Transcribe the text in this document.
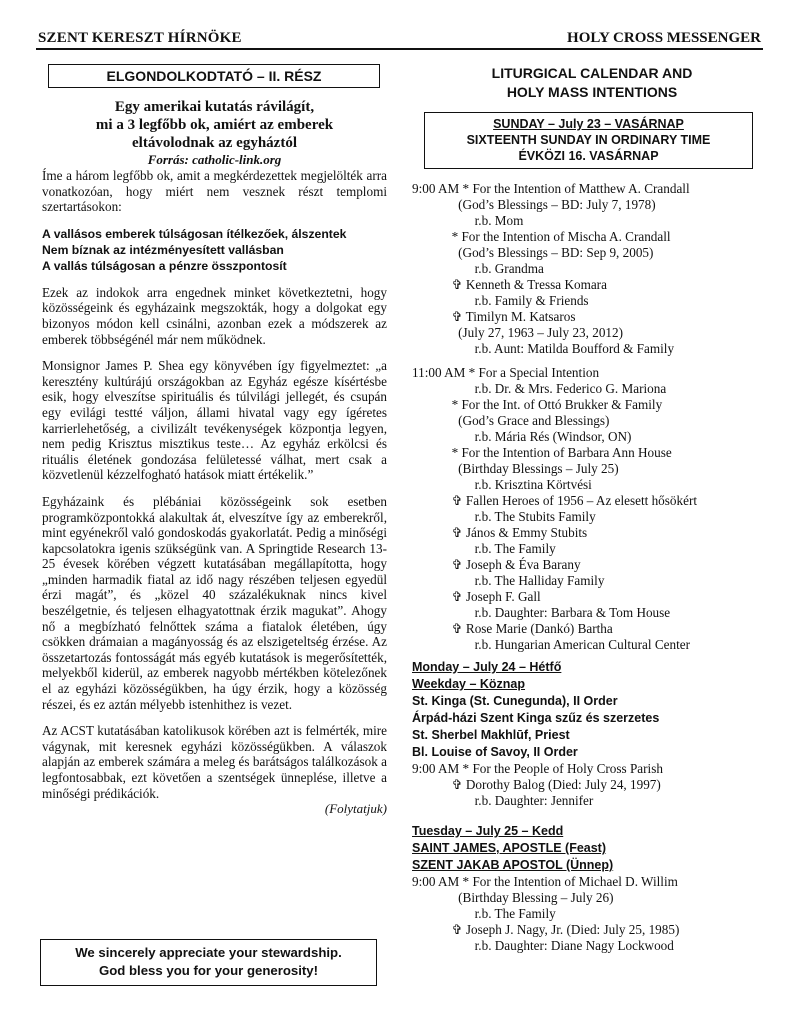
SZENT KERESZT HÍRNÖKE	HOLY CROSS MESSENGER
ELGONDOLKODTATÓ – II. RÉSZ
Egy amerikai kutatás rávilágít,
mi a 3 legfőbb ok, amiért az emberek
eltávolodnak az egyháztól
Forrás: catholic-link.org

Íme a három legfőbb ok, amit a megkérdezettek megjelölték arra vonatkozóan, hogy miért nem vesznek részt templomi szertartásokon:

A vallásos emberek túlságosan ítélkezőek, álszentek
Nem bíznak az intézményesített vallásban
A vallás túlságosan a pénzre összpontosít

Ezek az indokok arra engednek minket következtetni, hogy közösségeink és egyházaink megszokták, hogy a dolgokat egy bizonyos módon kell csinálni, azonban ezek a módszerek az emberek többségénél már nem működnek.

Monsignor James P. Shea egy könyvében így figyelmeztet: „a keresztény kultúrájú országokban az Egyház egésze kísértésbe esik, hogy elveszítse spirituális és túlvilági jellegét, és csupán egy evilági testté váljon, állami hivatal vagy egy ígéretes karrierlehetőség, a civilizált tevékenységek központja legyen, nem pedig Krisztus misztikus teste… Az egyház erkölcsi és rituális életének gondozása felületessé válhat, mert csak a közvetlenül kézzelfogható hatások miatt értékelik.”

Egyházaink és plébániai közösségeink sok esetben programközpontokká alakultak át, elveszítve így az emberekről, mint egyénekről való gondoskodás gyakorlatát. Pedig a minőségi kapcsolatokra igenis szükségünk van. A Springtide Research 13-25 évesek körében végzett kutatásában megállapította, hogy „minden harmadik fiatal az idő nagy részében teljesen egyedül érzi magát”, és „közel 40 százalékuknak nincs kivel beszélgetnie, és teljesen elhagyatottnak érzik magukat”. Ahogy nő a megbízható felnőttek száma a fiatalok életében, úgy csökken drámaian a magányosság és az elszigeteltség érzése. Az összetartozás fontosságát más egyéb kutatások is megerősítették, melyekből kiderül, az emberek nagyobb mértékben kötelezőnek el az egyházi közösségükben, ha úgy érzik, hogy a közösség részei, és ez aztán mélyebb istenhithez is vezet.

Az ACST kutatásában katolikusok körében azt is felmérték, mire vágynak, mit keresnek egyházi közösségükben. A válaszok alapján az emberek számára a meleg és barátságos találkozások a legfontosabbak, ezt követően a szentségek ünneplése, illetve a minőségi prédikációk.

(Folytatjuk)
We sincerely appreciate your stewardship.
God bless you for your generosity!
LITURGICAL CALENDAR AND
HOLY MASS INTENTIONS
SUNDAY – July 23 – VASÁRNAP
SIXTEENTH SUNDAY IN ORDINARY TIME
ÉVKÖZI 16. VASÁRNAP
9:00 AM * For the Intention of Matthew A. Crandall
(God’s Blessings – BD: July 7, 1978)
r.b. Mom
* For the Intention of Mischa A. Crandall
(God’s Blessings – BD: Sep 9, 2005)
r.b. Grandma
✞ Kenneth & Tressa Komara
r.b. Family & Friends
✞ Timilyn M. Katsaros
(July 27, 1963 – July 23, 2012)
r.b. Aunt: Matilda Boufford & Family
11:00 AM * For a Special Intention
r.b. Dr. & Mrs. Federico G. Mariona
* For the Int. of Ottó Brukker & Family
(God’s Grace and Blessings)
r.b. Mária Rés (Windsor, ON)
* For the Intention of Barbara Ann House
(Birthday Blessings – July 25)
r.b. Krisztina Körtvési
✞ Fallen Heroes of 1956 – Az elesett hősökért
r.b. The Stubits Family
✞ János & Emmy Stubits
r.b. The Family
✞ Joseph & Éva Barany
r.b. The Halliday Family
✞ Joseph F. Gall
r.b. Daughter: Barbara & Tom House
✞ Rose Marie (Dankó) Bartha
r.b. Hungarian American Cultural Center
Monday – July 24 – Hétfő
Weekday – Köznap
St. Kinga (St. Cunegunda), II Order
Árpád-házi Szent Kinga szűz és szerzetes
St. Sherbel Makhlūf, Priest
Bl. Louise of Savoy, II Order
9:00 AM * For the People of Holy Cross Parish
✞ Dorothy Balog (Died: July 24, 1997)
r.b. Daughter: Jennifer
Tuesday – July 25 – Kedd
SAINT JAMES, APOSTLE (Feast)
SZENT JAKAB APOSTOL (Ünnep)
9:00 AM * For the Intention of Michael D. Willim
(Birthday Blessing – July 26)
r.b. The Family
✞ Joseph J. Nagy, Jr. (Died: July 25, 1985)
r.b. Daughter: Diane Nagy Lockwood
